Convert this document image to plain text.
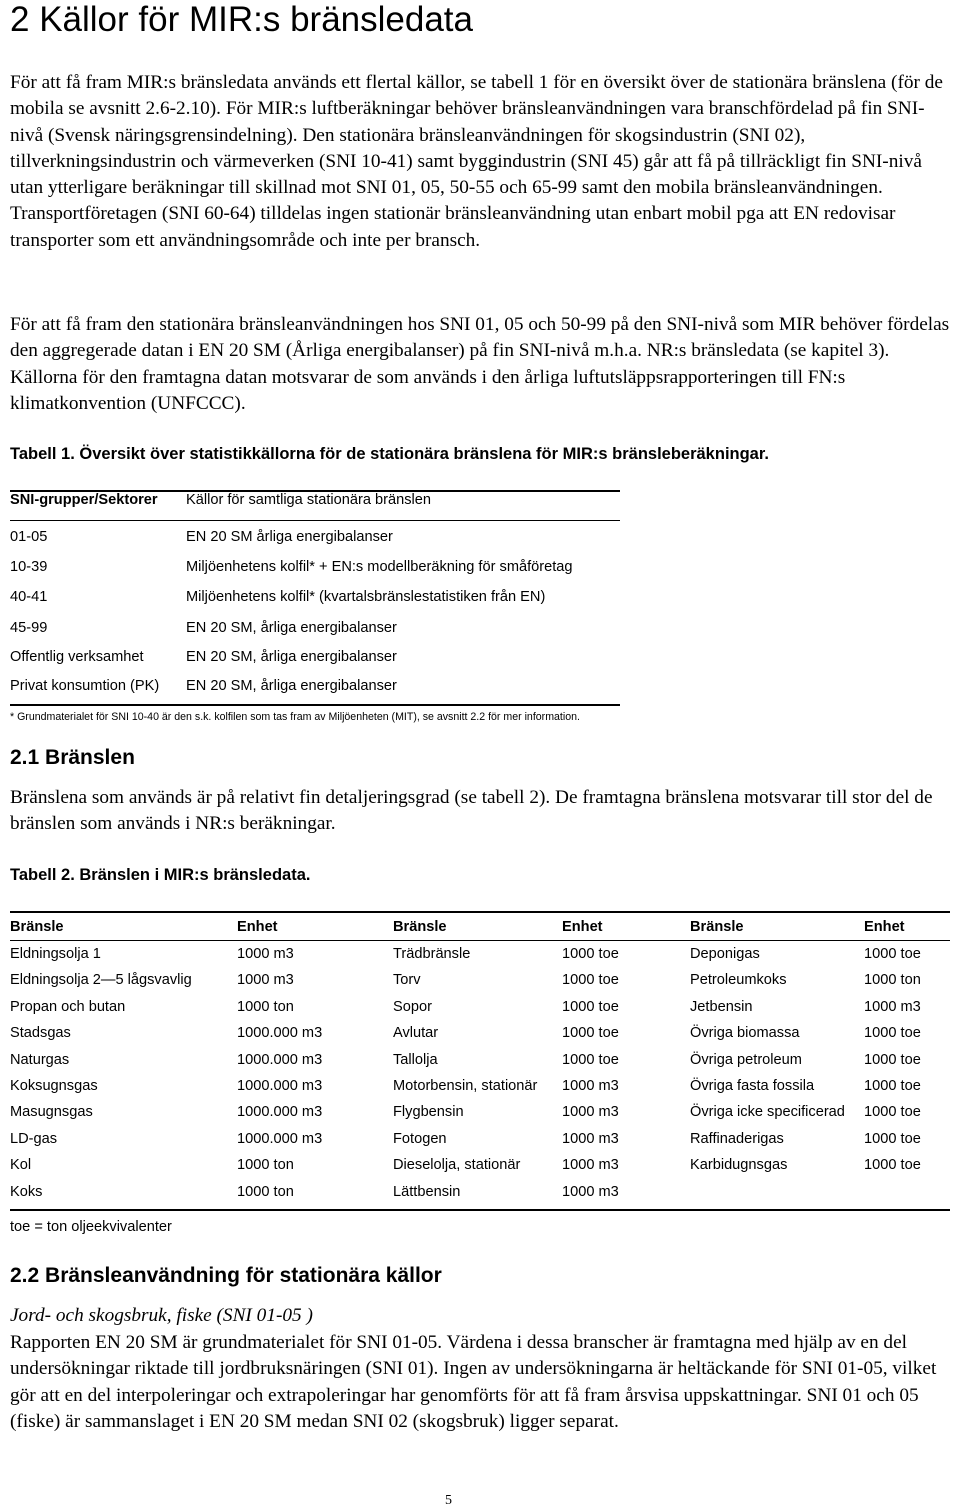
2 Källor för MIR:s bränsledata

För att få fram MIR:s bränsledata används ett flertal källor, se tabell 1 för en översikt över de stationära bränslena (för de mobila se avsnitt 2.6-2.10). För MIR:s luftberäkningar behöver bränsleanvändningen vara branschfördelad på fin SNI-nivå (Svensk näringsgrensindelning). Den stationära bränsleanvändningen för skogsindustrin (SNI 02), tillverkningsindustrin och värmeverken (SNI 10-41) samt byggindustrin (SNI 45) går att få på tillräckligt fin SNI-nivå utan ytterligare beräkningar till skillnad mot SNI 01, 05, 50-55 och 65-99 samt den mobila bränsleanvändningen. Transportföretagen (SNI 60-64) tilldelas ingen stationär bränsleanvändning utan enbart mobil pga att EN redovisar transporter som ett användningsområde och inte per bransch.

För att få fram den stationära bränsleanvändningen hos SNI 01, 05 och 50-99 på den SNI-nivå som MIR behöver fördelas den aggregerade datan i EN 20 SM (Årliga energibalanser) på fin SNI-nivå m.h.a. NR:s bränsledata (se kapitel 3). Källorna för den framtagna datan motsvarar de som används i den årliga luftutsläppsrapporteringen till FN:s klimatkonvention (UNFCCC).

Tabell 1. Översikt över statistikkällorna för de stationära bränslena för MIR:s bränsleberäkningar.
SNI-grupper/Sektorer Källor för samtliga stationära bränslen
01-05	EN 20 SM årliga energibalanser
10-39	Miljöenhetens kolfil* + EN:s modellberäkning för småföretag
40-41	Miljöenhetens kolfil* (kvartalsbränslestatistiken från EN)
45-99	EN 20 SM, årliga energibalanser
Offentlig verksamhet	EN 20 SM, årliga energibalanser
Privat konsumtion (PK) EN 20 SM, årliga energibalanser
* Grundmaterialet för SNI 10-40 är den s.k. kolfilen som tas fram av Miljöenheten (MIT), se avsnitt 2.2 för mer information.
2.1 Bränslen

Bränslena som används är på relativt fin detaljeringsgrad (se tabell 2). De framtagna bränslena motsvarar till stor del de bränslen som används i NR:s beräkningar.

Tabell 2. Bränslen i MIR:s bränsledata.
Bränsle	Enhet	Bränsle	Enhet	Bränsle	Enhet
Eldningsolja 1	1000 m3	Trädbränsle	1000 toe	Deponigas	1000 toe
Eldningsolja 2—5 lågsvavlig	1000 m3	Torv	1000 toe	Petroleumkoks	1000 ton
Propan och butan	1000 ton	Sopor	1000 toe	Jetbensin	1000 m3
Stadsgas	1000.000 m3	Avlutar	1000 toe	Övriga biomassa	1000 toe
Naturgas	1000.000 m3	Tallolja	1000 toe	Övriga petroleum	1000 toe
Koksugnsgas	1000.000 m3	Motorbensin, stationär 1000 m3	Övriga fasta fossila	1000 toe
Masugnsgas	1000.000 m3	Flygbensin	1000 m3	Övriga icke specificerad 1000 toe
LD-gas	1000.000 m3	Fotogen	1000 m3	Raffinaderigas	1000 toe
Kol	1000 ton	Dieselolja, stationär	1000 m3	Karbidugnsgas	1000 toe
Koks	1000 ton	Lättbensin	1000 m3
toe = ton oljeekvivalenter
2.2 Bränsleanvändning för stationära källor

Jord- och skogsbruk, fiske (SNI 01-05 )

Rapporten EN 20 SM är grundmaterialet för SNI 01-05. Värdena i dessa branscher är framtagna med hjälp av en del undersökningar riktade till jordbruksnäringen (SNI 01). Ingen av undersökningarna är heltäckande för SNI 01-05, vilket gör att en del interpoleringar och extrapoleringar har genomförts för att få fram årsvisa uppskattningar. SNI 01 och 05 (fiske) är sammanslaget i EN 20 SM medan SNI 02 (skogsbruk) ligger separat.

5
